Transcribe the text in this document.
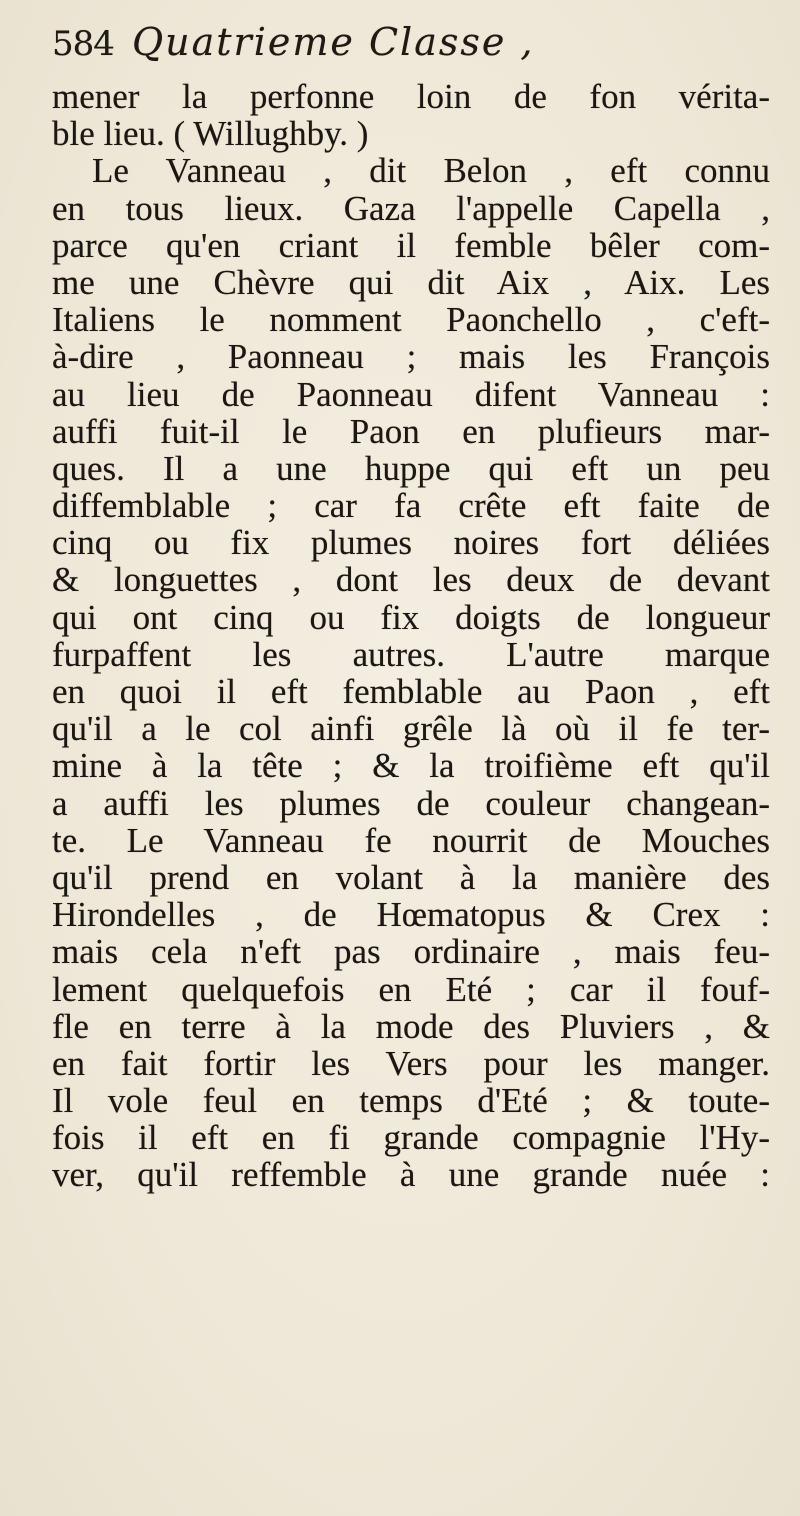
584 Quatrieme Classe ,
mener la perfonne loin de fon vérita-
ble lieu. ( Willughby. )
Le Vanneau , dit Belon , eft connu
en tous lieux. Gaza l'appelle Capella ,
parce qu'en criant il femble bêler com-
me une Chèvre qui dit Aix , Aix. Les
Italiens le nomment Paonchello , c'eft-
à-dire , Paonneau ; mais les François
au lieu de Paonneau difent Vanneau :
auffi fuit-il le Paon en plufieurs mar-
ques. Il a une huppe qui eft un peu
diffemblable ; car fa crête eft faite de
cinq ou fix plumes noires fort déliées
& longuettes , dont les deux de devant
qui ont cinq ou fix doigts de longueur
furpaffent les autres. L'autre marque
en quoi il eft femblable au Paon , eft
qu'il a le col ainfi grêle là où il fe ter-
mine à la tête ; & la troifième eft qu'il
a auffi les plumes de couleur changean-
te. Le Vanneau fe nourrit de Mouches
qu'il prend en volant à la manière des
Hirondelles , de Hœmatopus & Crex :
mais cela n'eft pas ordinaire , mais feu-
lement quelquefois en Eté ; car il fouf-
fle en terre à la mode des Pluviers , &
en fait fortir les Vers pour les manger.
Il vole feul en temps d'Eté ; & toute-
fois il eft en fi grande compagnie l'Hy-
ver, qu'il reffemble à une grande nuée :
